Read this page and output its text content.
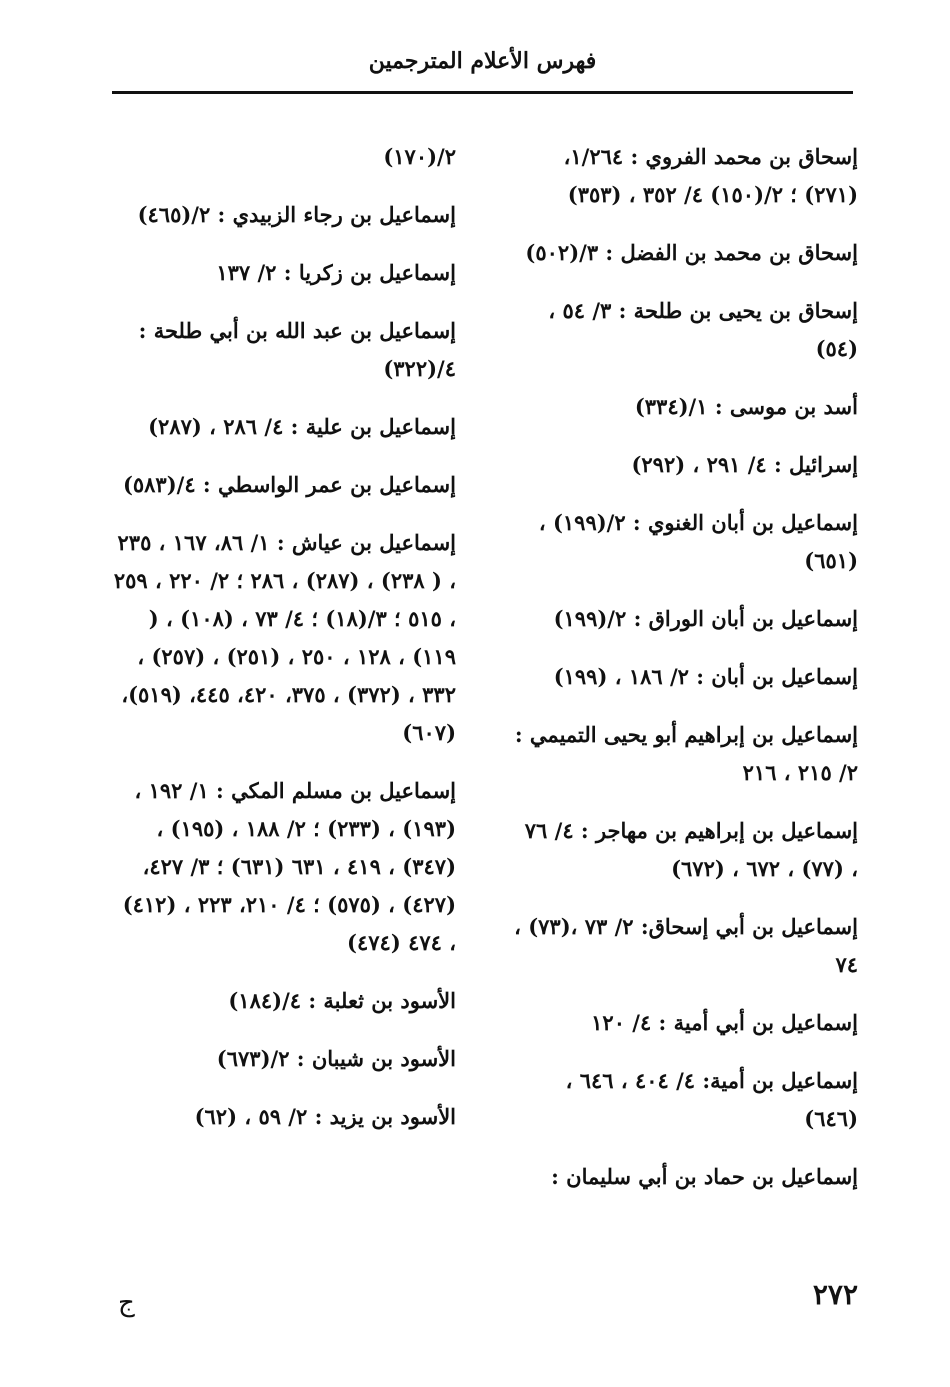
فهرس الأعلام المترجمين
إسحاق بن محمد الفروي : ١/٢٦٤، (٢٧١) ؛ ٢/(١٥٠) ٤/ ٣٥٢ ، (٣٥٣)
إسحاق بن محمد بن الفضل : ٣/(٥٠٢)
إسحاق بن يحيى بن طلحة : ٣/ ٥٤ ، (٥٤)
أسد بن موسى : ١/(٣٣٤)
إسرائيل : ٤/ ٢٩١ ، (٢٩٢)
إسماعيل بن أبان الغنوي : ٢/(١٩٩) ، (٦٥١)
إسماعيل بن أبان الوراق : ٢/(١٩٩)
إسماعيل بن أبان : ٢/ ١٨٦ ، (١٩٩)
إسماعيل بن إبراهيم أبو يحيى التميمي : ٢/ ٢١٥ ، ٢١٦
إسماعيل بن إبراهيم بن مهاجر : ٤/ ٧٦ ، (٧٧) ، ٦٧٢ ، (٦٧٢)
إسماعيل بن أبي إسحاق: ٢/ ٧٣ ،(٧٣) ، ٧٤
إسماعيل بن أبي أمية : ٤/ ١٢٠
إسماعيل بن أمية: ٤/ ٤٠٤ ، ٦٤٦ ، (٦٤٦)
إسماعيل بن حماد بن أبي سليمان :
٢/(١٧٠)
إسماعيل بن رجاء الزبيدي : ٢/(٤٦٥)
إسماعيل بن زكريا : ٢/ ١٣٧
إسماعيل بن عبد الله بن أبي طلحة : ٤/(٣٢٢)
إسماعيل بن علية : ٤/ ٢٨٦ ، (٢٨٧)
إسماعيل بن عمر الواسطي : ٤/(٥٨٣)
إسماعيل بن عياش : ١/ ٨٦، ١٦٧ ، ٢٣٥ ، ( ٢٣٨) ، (٢٨٧) ، ٢٨٦ ؛ ٢/ ٢٢٠ ، ٢٥٩ ، ٥١٥ ؛ ٣/(١٨) ؛ ٤/ ٧٣ ، (١٠٨) ، ( ١١٩) ، ١٢٨ ، ٢٥٠ ، (٢٥١) ، (٢٥٧) ، ٣٣٢ ، (٣٧٢) ، ٣٧٥، ٤٢٠، ٤٤٥، (٥١٩)، (٦٠٧)
إسماعيل بن مسلم المكي : ١/ ١٩٢ ، (١٩٣) ، (٢٣٣) ؛ ٢/ ١٨٨ ، (١٩٥) ، (٣٤٧) ، ٤١٩ ، ٦٣١ (٦٣١) ؛ ٣/ ٤٢٧، (٤٢٧) ، (٥٧٥) ؛ ٤/ ٢١٠، ٢٢٣ ، (٤١٢) ، ٤٧٤ (٤٧٤)
الأسود بن ثعلبة : ٤/(١٨٤)
الأسود بن شيبان : ٢/(٦٧٣)
الأسود بن يزيد : ٢/ ٥٩ ، (٦٢)
٢٧٢
ج
